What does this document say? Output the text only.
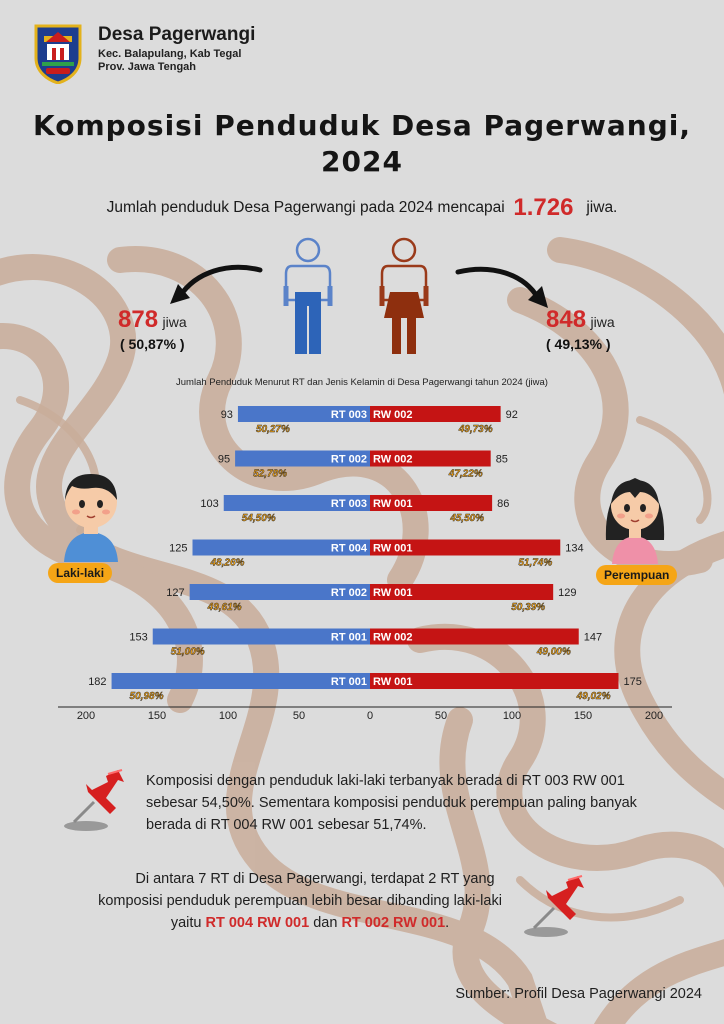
Desa Pagerwangi
Kec. Balapulang, Kab Tegal
Prov. Jawa Tengah
Komposisi Penduduk Desa Pagerwangi,
2024
Jumlah penduduk Desa Pagerwangi pada 2024 mencapai 1.726 jiwa.
878 jiwa
( 50,87% )
848 jiwa
( 49,13% )
Jumlah Penduduk Menurut RT dan Jenis Kelamin di Desa Pagerwangi tahun 2024 (jiwa)
RT 003 RW 002
93	92
50,27%	49,73%
RT 002 RW 002
95	85
52,78%	47,22%
RT 003 RW 001
103	86
54,50%	45,50%
RT 004 RW 001
125	134
48,26%	51,74%
RT 002 RW 001
127	129
49,61%	50,39%
RT 001 RW 002
153	147
51,00%	49,00%
RT 001 RW 001
182	175
50,98%	49,02%
200	150	100	50	0	50	100	150	200
Laki-laki	Perempuan
Komposisi dengan penduduk laki-laki terbanyak berada di RT 003 RW 001
sebesar 54,50%. Sementara komposisi penduduk perempuan paling banyak
berada di RT 004 RW 001 sebesar 51,74%.
Di antara 7 RT di Desa Pagerwangi, terdapat 2 RT yang
komposisi penduduk perempuan lebih besar dibanding laki-laki
yaitu RT 004 RW 001 dan RT 002 RW 001.
Sumber: Profil Desa Pagerwangi 2024
